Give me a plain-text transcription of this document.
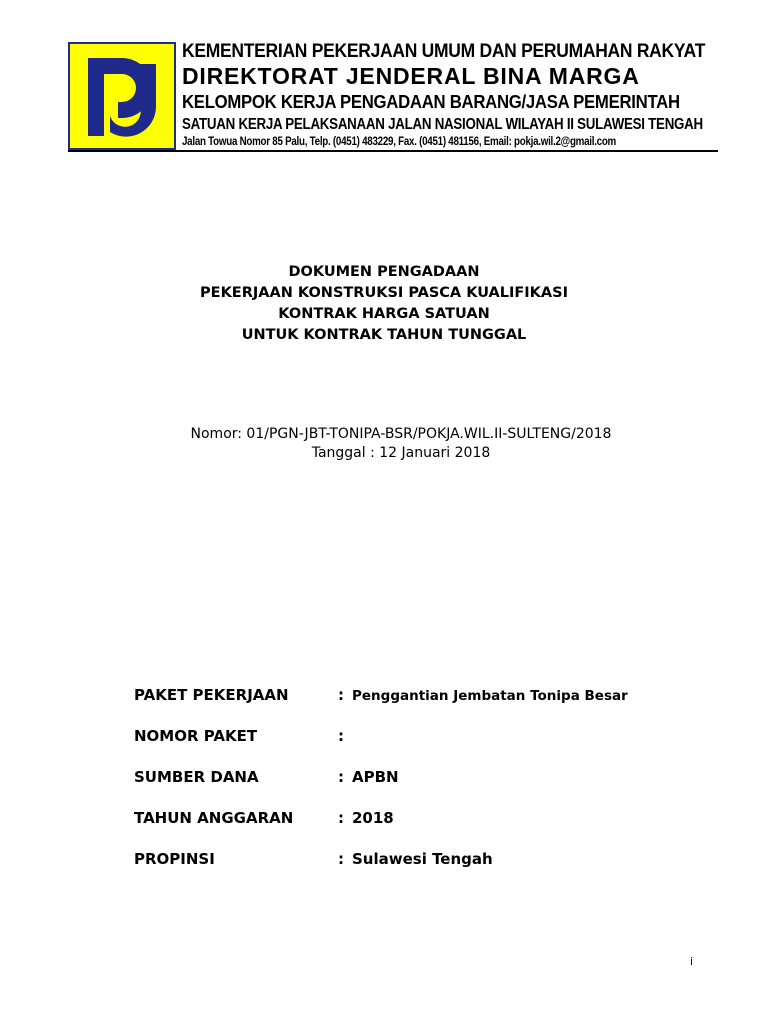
KEMENTERIAN PEKERJAAN UMUM DAN PERUMAHAN RAKYAT
DIREKTORAT JENDERAL BINA MARGA
KELOMPOK KERJA PENGADAAN BARANG/JASA PEMERINTAH
SATUAN KERJA PELAKSANAAN JALAN NASIONAL WILAYAH II SULAWESI TENGAH
Jalan Towua Nomor 85 Palu, Telp. (0451) 483229, Fax. (0451) 481156, Email: pokja.wil.2@gmail.com
DOKUMEN PENGADAAN
PEKERJAAN KONSTRUKSI PASCA KUALIFIKASI
KONTRAK HARGA SATUAN
UNTUK KONTRAK TAHUN TUNGGAL
Nomor: 01/PGN-JBT-TONIPA-BSR/POKJA.WIL.II-SULTENG/2018
Tanggal : 12 Januari 2018
PAKET PEKERJAAN	: Penggantian Jembatan Tonipa Besar
NOMOR PAKET	:
SUMBER DANA	: APBN
TAHUN ANGGARAN	: 2018
PROPINSI	: Sulawesi Tengah
i
